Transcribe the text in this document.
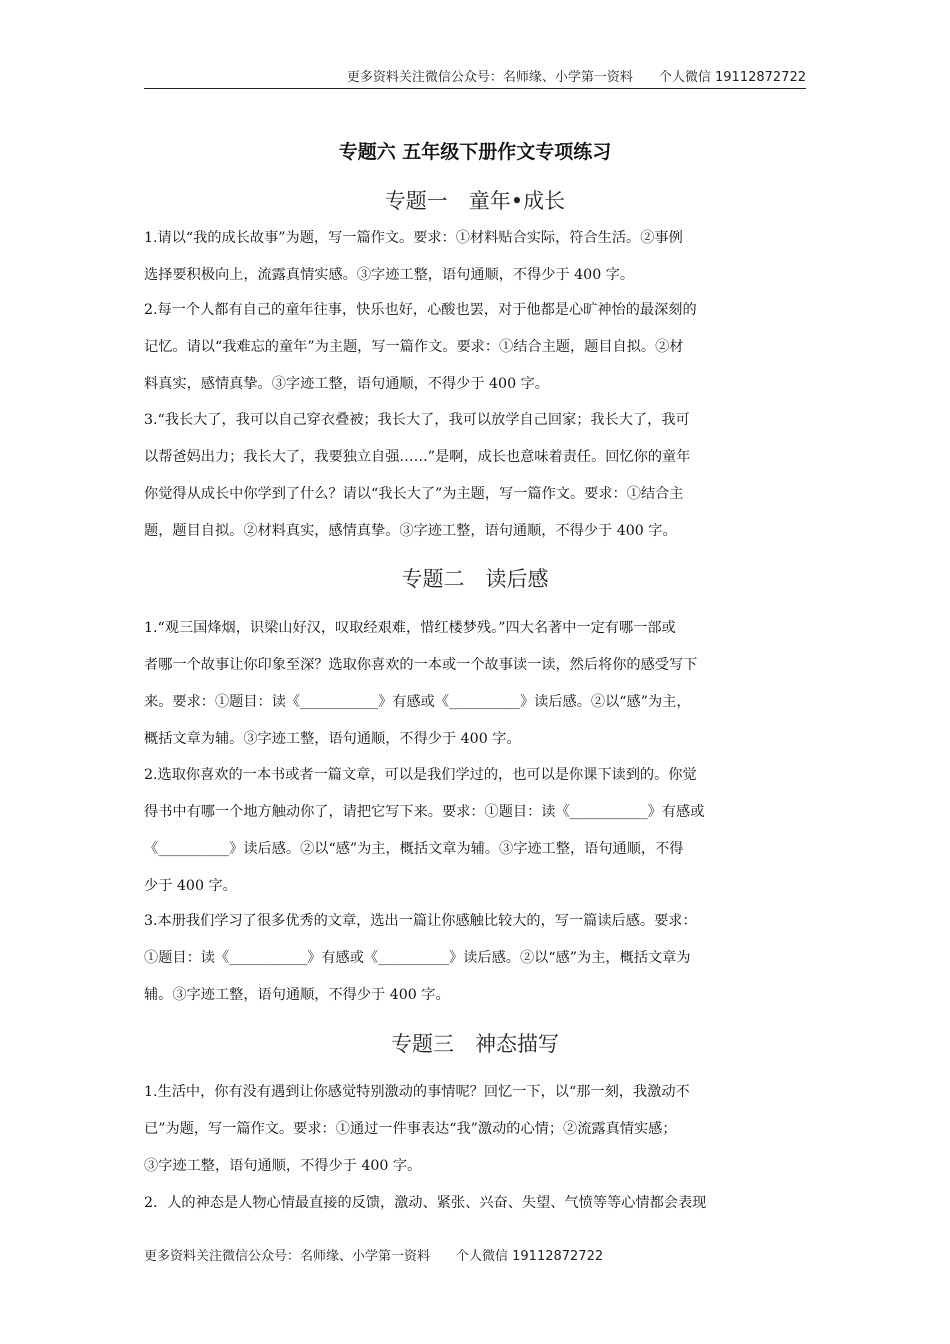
更多资料关注微信公众号：名师缘、小学第一资料　　个人微信 19112872722
专题六 五年级下册作文专项练习
专题一　童年•成长
1.请以“我的成长故事”为题，写一篇作文。要求：①材料贴合实际，符合生活。②事例
选择要积极向上，流露真情实感。③字迹工整，语句通顺，不得少于 400 字。
2.每一个人都有自己的童年往事，快乐也好，心酸也罢，对于他都是心旷神怡的最深刻的
记忆。请以“我难忘的童年”为主题，写一篇作文。要求：①结合主题，题目自拟。②材
料真实，感情真挚。③字迹工整，语句通顺，不得少于 400 字。
3.“我长大了，我可以自己穿衣叠被；我长大了，我可以放学自己回家；我长大了，我可
以帮爸妈出力；我长大了，我要独立自强……”是啊，成长也意味着责任。回忆你的童年
你觉得从成长中你学到了什么？请以“我长大了”为主题，写一篇作文。要求：①结合主
题，题目自拟。②材料真实，感情真挚。③字迹工整，语句通顺，不得少于 400 字。
专题二　读后感
1.“观三国烽烟，识梁山好汉，叹取经艰难，惜红楼梦残。”四大名著中一定有哪一部或
者哪一个故事让你印象至深？选取你喜欢的一本或一个故事读一读，然后将你的感受写下
来。要求：①题目：读《___________》有感或《__________》读后感。②以“感”为主，
概括文章为辅。③字迹工整，语句通顺，不得少于 400 字。
2.选取你喜欢的一本书或者一篇文章，可以是我们学过的，也可以是你课下读到的。你觉
得书中有哪一个地方触动你了，请把它写下来。要求：①题目：读《___________》有感或
《__________》读后感。②以“感”为主，概括文章为辅。③字迹工整，语句通顺，不得
少于 400 字。
3.本册我们学习了很多优秀的文章，选出一篇让你感触比较大的，写一篇读后感。要求：
①题目：读《___________》有感或《__________》读后感。②以“感”为主，概括文章为
辅。③字迹工整，语句通顺，不得少于 400 字。
专题三　神态描写
1.生活中，你有没有遇到让你感觉特别激动的事情呢？回忆一下，以“那一刻，我激动不
已”为题，写一篇作文。要求：①通过一件事表达“我”激动的心情；②流露真情实感；
③字迹工整，语句通顺，不得少于 400 字。
2．人的神态是人物心情最直接的反馈，激动、紧张、兴奋、失望、气愤等等心情都会表现
更多资料关注微信公众号：名师缘、小学第一资料　　个人微信 19112872722
